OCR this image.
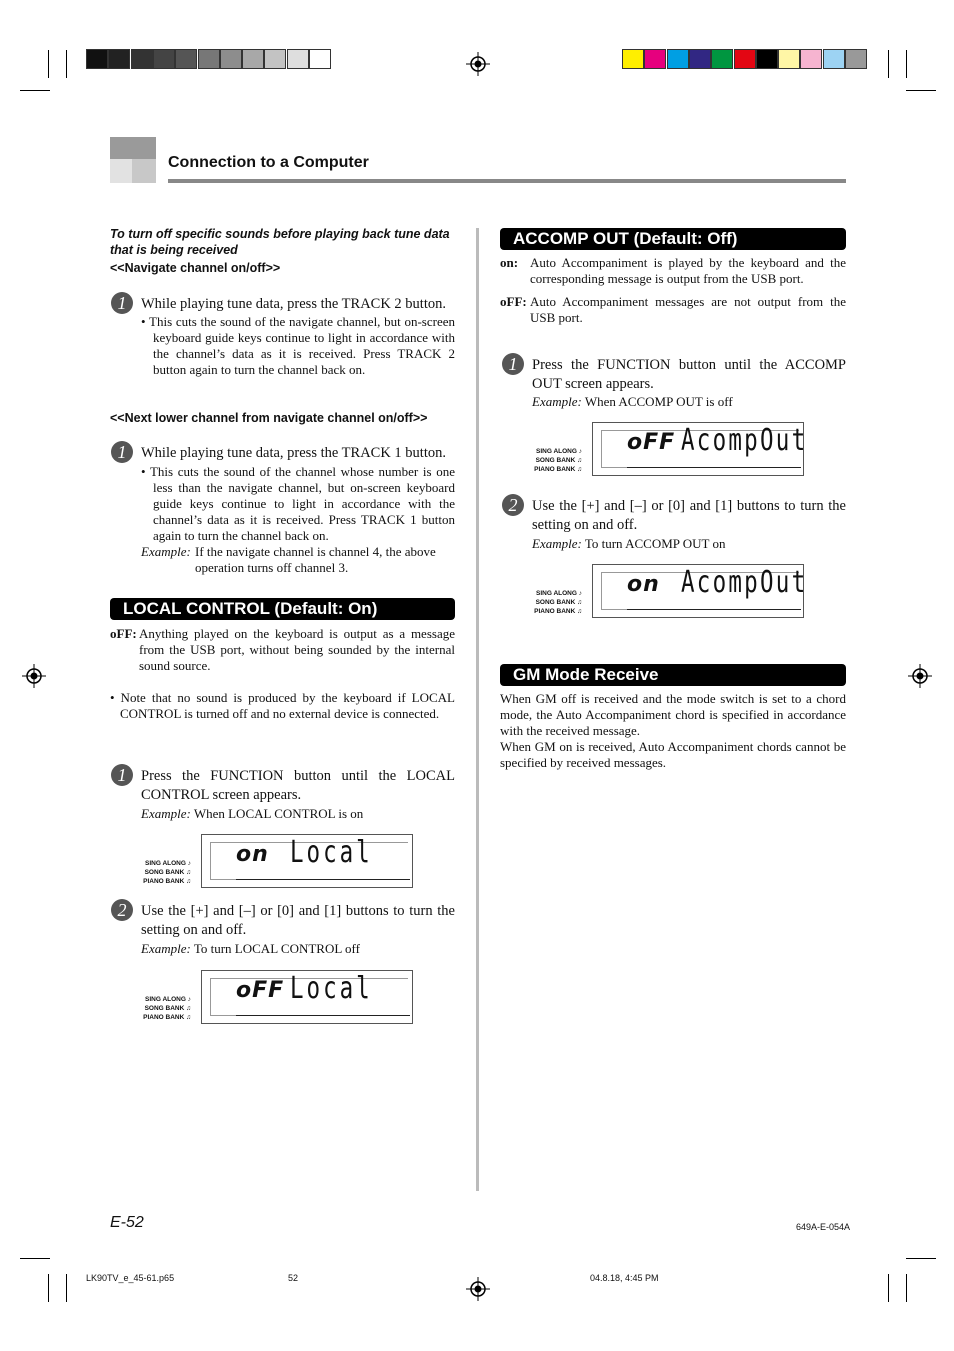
Connection to a Computer
To turn off specific sounds before playing back tune data that is being received
<<Navigate channel on/off>>
1	While playing tune data, press the TRACK 2 button.
• This cuts the sound of the navigate channel, but on-screen keyboard guide keys continue to light in accordance with the channel’s data as it is received. Press TRACK 2 button again to turn the channel back on.
<<Next lower channel from navigate channel on/off>>
1	While playing tune data, press the TRACK 1 button.
• This cuts the sound of the channel whose number is one less than the navigate channel, but on-screen keyboard guide keys continue to light in accordance with the channel’s data as it is received. Press TRACK 1 button again to turn the channel back on.
Example: If the navigate channel is channel 4, the above operation turns off channel 3.
LOCAL CONTROL (Default: On)
oFF: Anything played on the keyboard is output as a message from the USB port, without being sounded by the internal sound source.
• Note that no sound is produced by the keyboard if LOCAL CONTROL is turned off and no external device is connected.
1	Press the FUNCTION button until the LOCAL CONTROL screen appears.
Example: When LOCAL CONTROL is on
SING ALONG ♪
SONG BANK ♫
PIANO BANK ♫
on Local
2	Use the [+] and [–] or [0] and [1] buttons to turn the setting on and off.
Example: To turn LOCAL CONTROL off
SING ALONG ♪
SONG BANK ♫
PIANO BANK ♫
oFF Local
ACCOMP OUT (Default: Off)
on: Auto Accompaniment is played by the keyboard and the corresponding message is output from the USB port.
oFF: Auto Accompaniment messages are not output from the USB port.
1	Press the FUNCTION button until the ACCOMP OUT screen appears.
Example: When ACCOMP OUT is off
SING ALONG ♪
SONG BANK ♫
PIANO BANK ♫
oFF AcompOut
2	Use the [+] and [–] or [0] and [1] buttons to turn the setting on and off.
Example: To turn ACCOMP OUT on
SING ALONG ♪
SONG BANK ♫
PIANO BANK ♫
on AcompOut
GM Mode Receive
When GM off is received and the mode switch is set to a chord mode, the Auto Accompaniment chord is specified in accordance with the received message.
When GM on is received, Auto Accompaniment chords cannot be specified by received messages.
E-52	649A-E-054A
LK90TV_e_45-61.p65	52	04.8.18, 4:45 PM
